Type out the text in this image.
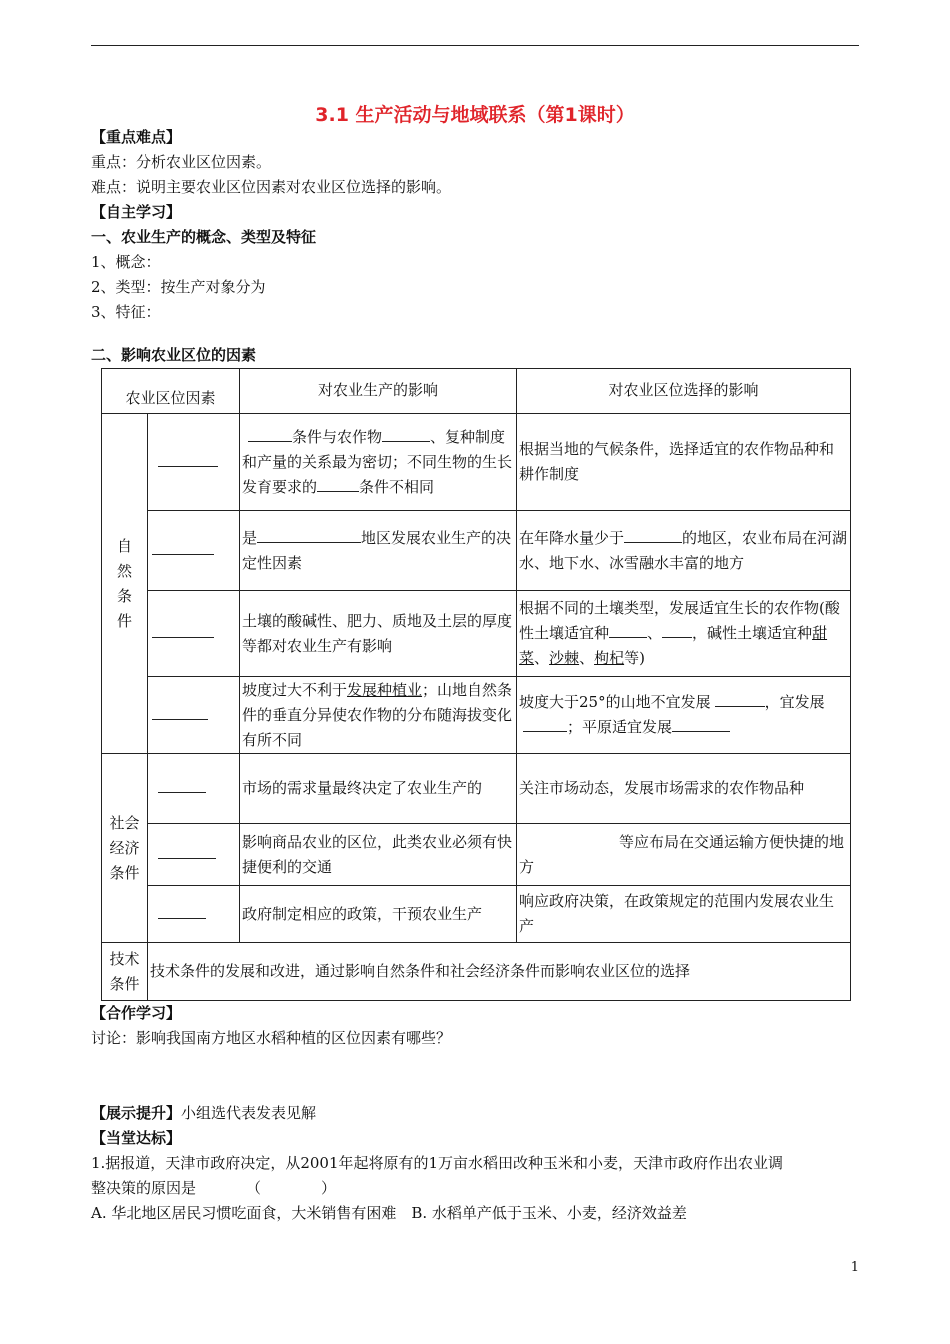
3.1 生产活动与地域联系（第1课时）
【重点难点】
重点：分析农业区位因素。
难点：说明主要农业区位因素对农业区位选择的影响。
【自主学习】
一、农业生产的概念、类型及特征
1、概念：
2、类型：按生产对象分为
3、特征：
二、影响农业区位的因素
农业区位因素		对农业生产的影响	对农业区位选择的影响
自然条件		条件与农作物 、复种制度和产量的关系最为密切；不同生物的生长发育要求的 条件不相同	根据当地的气候条件，选择适宜的农作物品种和耕作制度
		是 地区发展农业生产的决定性因素	在年降水量少于 的地区，农业布局在河湖水、地下水、冰雪融水丰富的地方
		土壤的酸碱性、肥力、质地及土层的厚度等都对农业生产有影响	根据不同的土壤类型，发展适宜生长的农作物(酸性土壤适宜种 、 ，碱性土壤适宜种甜菜、沙棘、枸杞等)
		坡度过大不利于发展种植业；山地自然条件的垂直分异使农作物的分布随海拔变化有所不同	坡度大于25°的山地不宜发展 ，宜发展；平原适宜发展
社会经济条件		市场的需求量最终决定了农业生产的	关注市场动态，发展市场需求的农作物品种
		影响商品农业的区位，此类农业必须有快捷便利的交通	等应布局在交通运输方便快捷的地方
		政府制定相应的政策，干预农业生产	响应政府决策，在政策规定的范围内发展农业生产
技术条件	技术条件的发展和改进，通过影响自然条件和社会经济条件而影响农业区位的选择		
【合作学习】
讨论：影响我国南方地区水稻种植的区位因素有哪些？
【展示提升】小组选代表发表见解
【当堂达标】
1.据报道，天津市政府决定，从2001年起将原有的1万亩水稻田改种玉米和小麦，天津市政府作出农业调
整决策的原因是	（　　　　）
A. 华北地区居民习惯吃面食，大米销售有困难　B. 水稻单产低于玉米、小麦，经济效益差
1
